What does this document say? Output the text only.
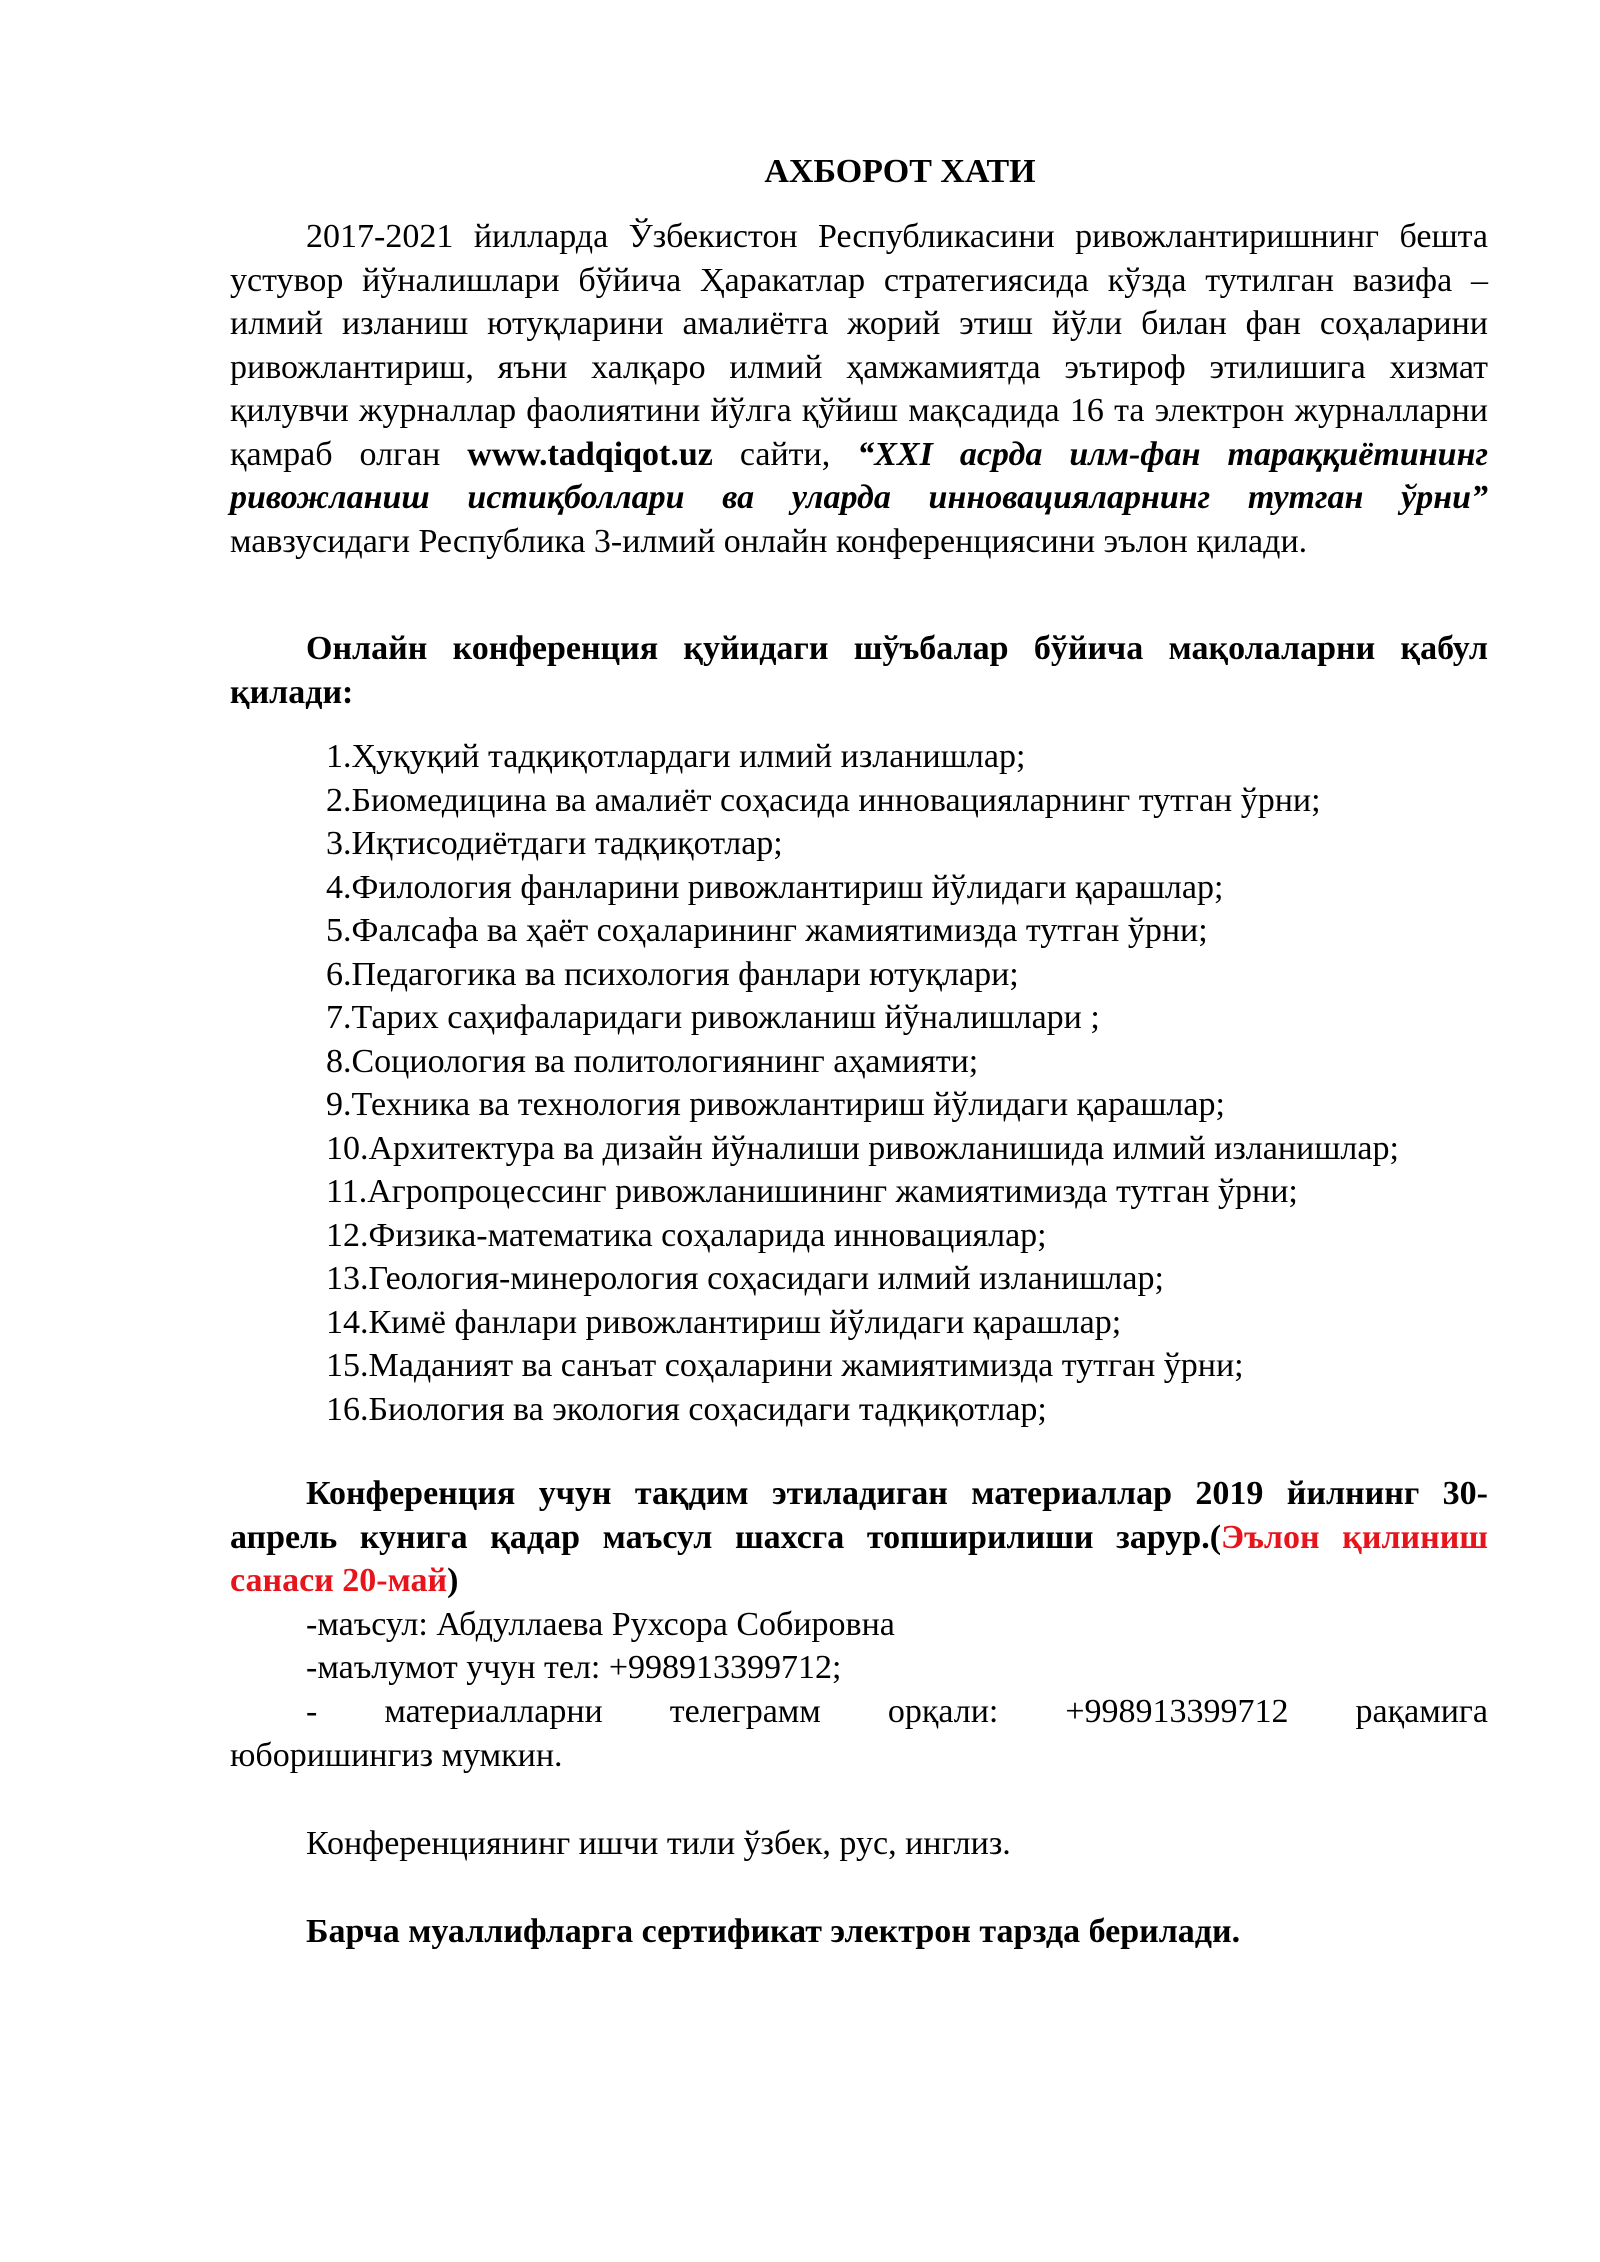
АХБОРОТ ХАТИ
2017-2021 йилларда Ўзбекистон Республикасини ривожлантиришнинг бешта устувор йўналишлари бўйича Ҳаракатлар стратегиясида кўзда тутилган вазифа – илмий изланиш ютуқларини амалиётга жорий этиш йўли билан фан соҳаларини ривожлантириш, яъни халқаро илмий ҳамжамиятда эътироф этилишига хизмат қилувчи журналлар фаолиятини йўлга қўйиш мақсадида 16 та электрон журналларни қамраб олган www.tadqiqot.uz сайти, “XXI асрда илм-фан тараққиётининг ривожланиш истиқболлари ва уларда инновацияларнинг тутган ўрни” мавзусидаги Республика 3-илмий онлайн конференциясини эълон қилади.
Онлайн конференция қуйидаги шўъбалар бўйича мақолаларни қабул қилади:
1.Ҳуқуқий тадқиқотлардаги илмий изланишлар;
2.Биомедицина ва амалиёт соҳасида инновацияларнинг тутган ўрни;
3.Иқтисодиётдаги тадқиқотлар;
4.Филология фанларини ривожлантириш йўлидаги қарашлар;
5.Фалсафа ва ҳаёт соҳаларининг жамиятимизда тутган ўрни;
6.Педагогика ва психология фанлари ютуқлари;
7.Тарих саҳифаларидаги ривожланиш йўналишлари ;
8.Социология ва политологиянинг аҳамияти;
9.Техника ва технология ривожлантириш йўлидаги қарашлар;
10.Архитектура ва дизайн йўналиши ривожланишида илмий изланишлар;
11.Агропроцессинг ривожланишининг жамиятимизда тутган ўрни;
12.Физика-математика соҳаларида инновациялар;
13.Геология-минерология соҳасидаги илмий изланишлар;
14.Кимё фанлари ривожлантириш йўлидаги қарашлар;
15.Маданият ва санъат соҳаларини жамиятимизда тутган ўрни;
16.Биология ва экология соҳасидаги тадқиқотлар;
Конференция учун тақдим этиладиган материаллар 2019 йилнинг 30-апрель кунига қадар маъсул шахсга топширилиши зарур.(Эълон қилиниш санаси 20-май)
-маъсул: Абдуллаева Рухсора Собировна
-маълумот учун тел: +998913399712;
- материалларни телеграмм орқали: +998913399712 рақамига
юборишингиз мумкин.
Конференциянинг ишчи тили ўзбек, рус, инглиз.
Барча муаллифларга сертификат электрон тарзда берилади.
